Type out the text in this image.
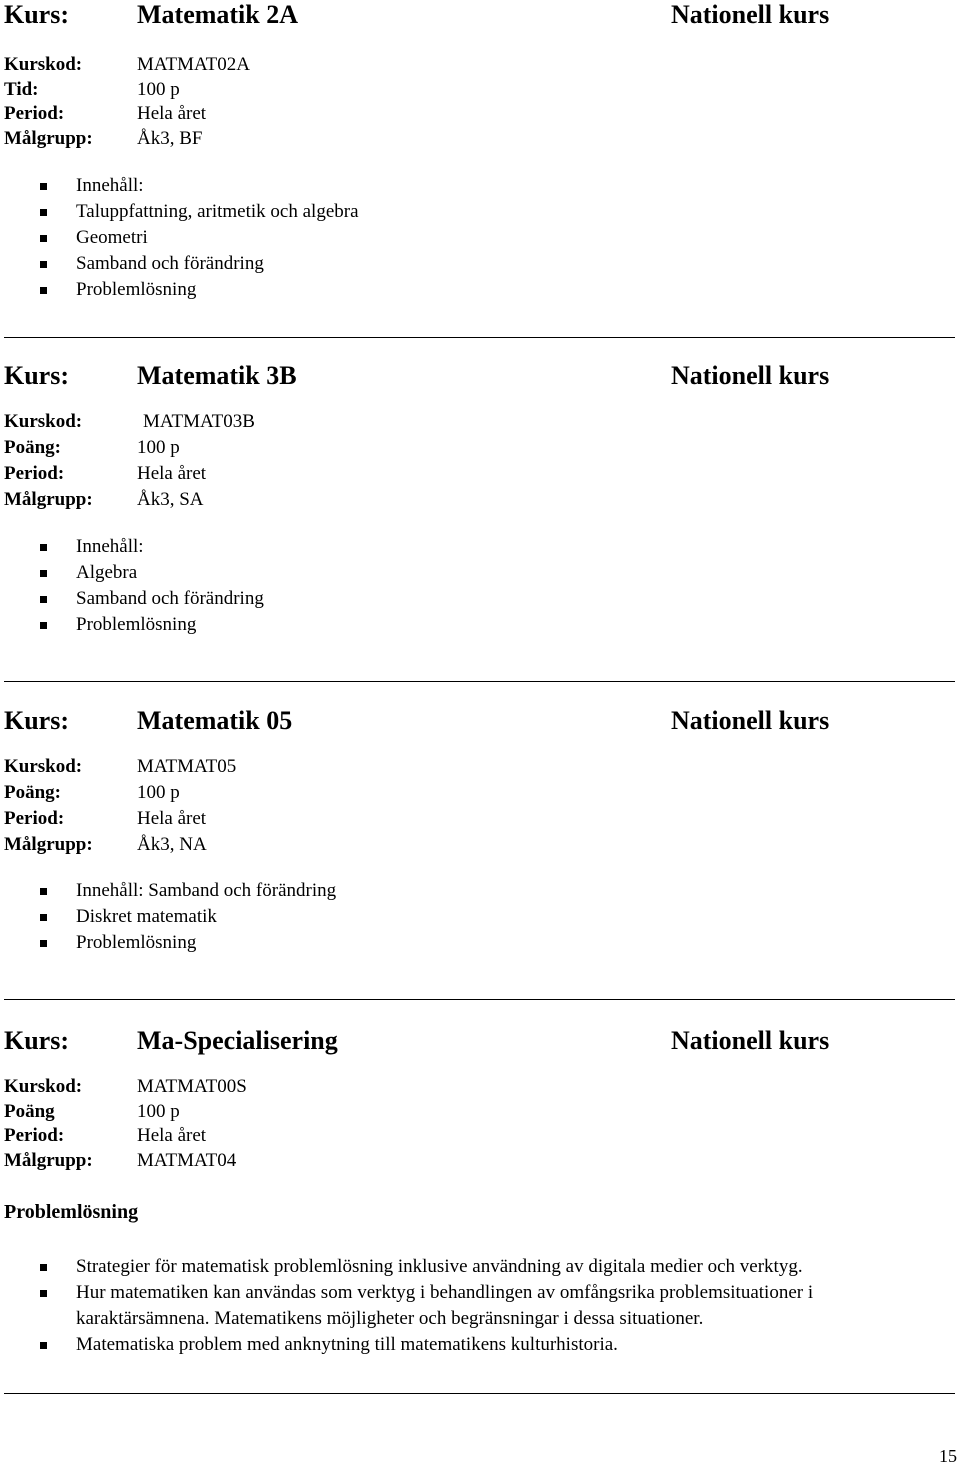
Kurs:	Matematik 2A	Nationell kurs
Kurskod:	MATMAT02A
Tid:	100 p
Period:	Hela året
Målgrupp: Åk3, BF
Innehåll:
Taluppfattning, aritmetik och algebra
Geometri
Samband och förändring
Problemlösning
Kurs:	Matematik 3B	Nationell kurs
Kurskod:	MATMAT03B
Poäng:	100 p
Period:	Hela året
Målgrupp: Åk3, SA
Innehåll:
Algebra
Samband och förändring
Problemlösning
Kurs:	Matematik 05	Nationell kurs
Kurskod:	MATMAT05
Poäng:	100 p
Period:	Hela året
Målgrupp: Åk3, NA
Innehåll: Samband och förändring
Diskret matematik
Problemlösning
Kurs:	Ma-Specialisering	Nationell kurs
Kurskod:	MATMAT00S
Poäng	100 p
Period:	Hela året
Målgrupp: MATMAT04
Problemlösning
Strategier för matematisk problemlösning inklusive användning av digitala medier och verktyg.
Hur matematiken kan användas som verktyg i behandlingen av omfångsrika problemsituationer i
karaktärsämnena. Matematikens möjligheter och begränsningar i dessa situationer.
Matematiska problem med anknytning till matematikens kulturhistoria.
15
